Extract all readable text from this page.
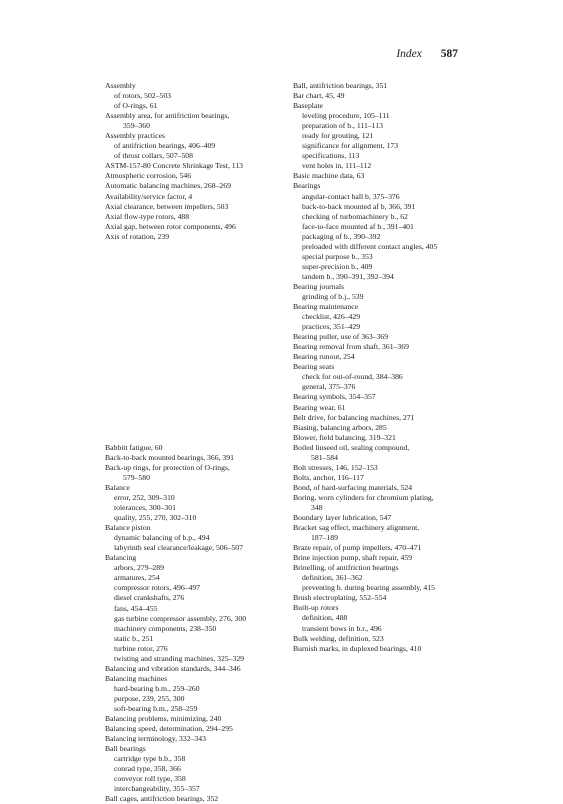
Index 587
Assembly
of rotors, 502–503
of O-rings, 61
Assembly area, for antifriction bearings,
359–360
Assembly practices
of antifriction bearings, 406–409
of thrust collars, 507–508
ASTM-157-80 Concrete Shrinkage Test, 113
Atmospheric corrosion, 546
Automatic balancing machines, 268–269
Availability/service factor, 4
Axial clearance, between impellers, 503
Axial flow-type rotors, 488
Axial gap, between rotor components, 496
Axis of rotation, 239
Babbitt fatigue, 60
Back-to-back mounted bearings, 366, 391
Back-up rings, for protection of O-rings,
579–580
Balance
error, 252, 309–310
tolerances, 300–301
quality, 255, 270, 302–310
Balance piston
dynamic balancing of b.p., 494
labyrinth seal clearance/leakage, 506–507
Balancing
arbors, 279–289
armatures, 254
compressor rotors, 496–497
diesel crankshafts, 276
fans, 454–455
gas turbine compressor assembly, 276, 300
machinery components, 238–350
static b., 251
turbine rotor, 276
twisting and stranding machines, 325–329
Balancing and vibration standards, 344–346
Balancing machines
hard-bearing b.m., 259–260
purpose, 239, 255, 300
soft-bearing b.m., 258–259
Balancing problems, minimizing, 240
Balancing speed, determination, 294–295
Balancing terminology, 332–343
Ball bearings
cartridge type b.b., 358
conrad type, 358, 366
conveyor roll type, 358
interchangeability, 355–357
Ball cages, antifriction bearings, 352
Ball, antifriction bearings, 351
Bar chart, 45, 49
Baseplate
leveling procedure, 105–111
preparation of b., 111–113
ready for grouting, 121
significance for alignment, 173
specifications, 113
vent holes in, 111–112
Basic machine data, 63
Bearings
angular-contact ball b, 375–376
back-to-back mounted af b, 366, 391
checking of turbomachinery b., 62
face-to-face mounted af b., 391–401
packaging of b., 390–392
preloaded with different contact angles, 405
special purpose b., 353
super-precision b., 409
tandem b., 390–391, 392–394
Bearing journals
grinding of b.j., 539
Bearing maintenance
checklist, 426–429
practices, 351–429
Bearing puller, use of 363–369
Bearing removal from shaft, 361–369
Bearing runout, 254
Bearing seats
check for out-of-round, 384–386
general, 375–376
Bearing symbols, 354–357
Bearing wear, 61
Belt drive, for balancing machines, 271
Biasing, balancing arbors, 285
Blower, field balancing, 319–321
Boiled linseed oil, sealing compound,
581–584
Bolt stresses, 146, 152–153
Bolts, anchor, 116–117
Bond, of hard-surfacing materials, 524
Boring, worn cylinders for chromium plating,
348
Boundary layer lubrication, 547
Bracket sag effect, machinery alignment,
187–189
Braze repair, of pump impellers, 470–471
Brine injection pump, shaft repair, 459
Brinelling, of antifriction bearings
definition, 361–362
preventing b. during bearing assembly, 415
Brush electroplating, 552–554
Built-up rotors
definition, 488
transient bows in b.r., 496
Bulk welding, definition, 523
Burnish marks, in duplexed bearings, 410
